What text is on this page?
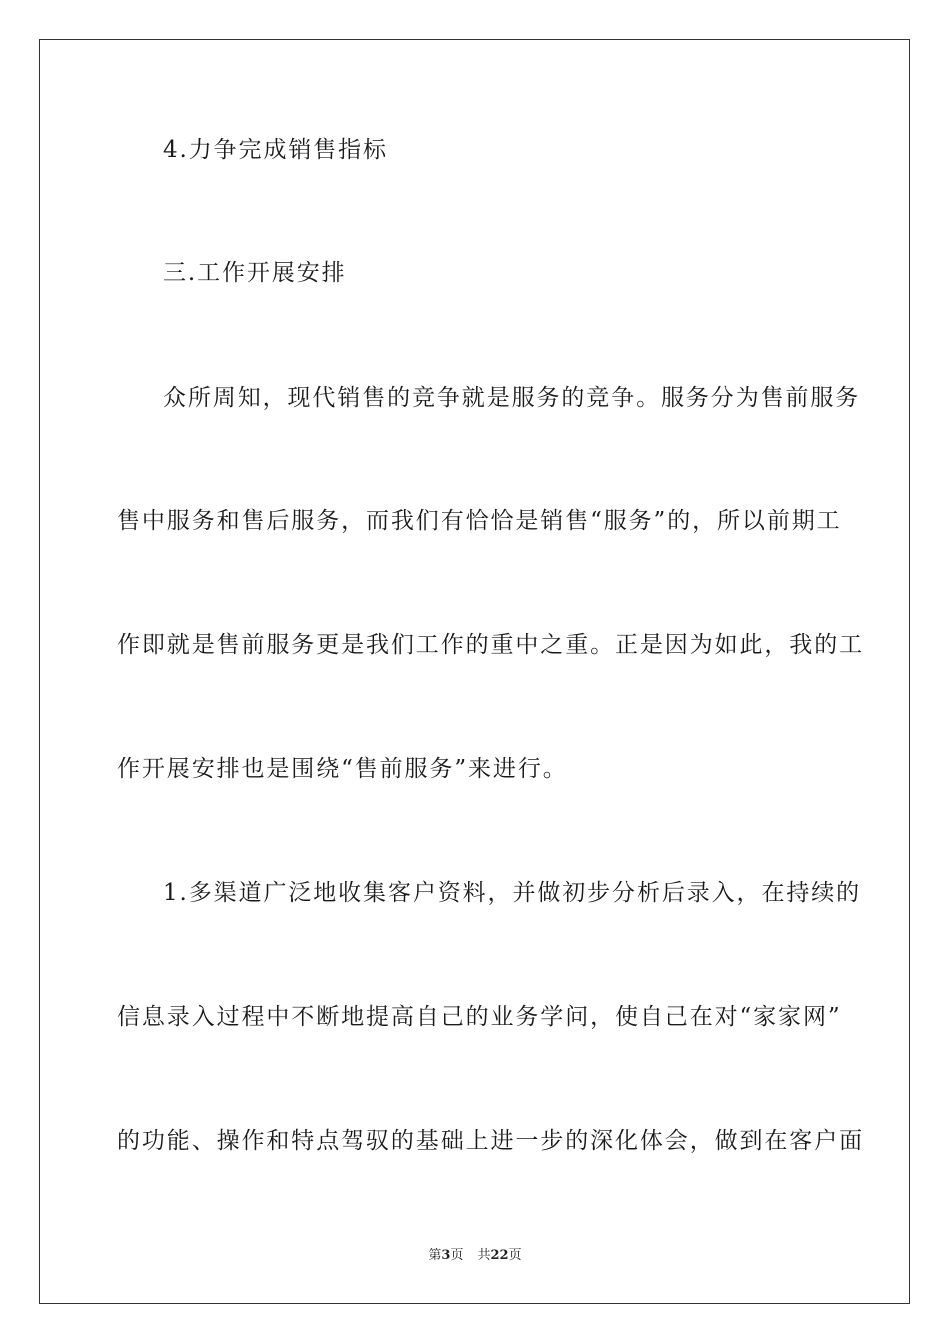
4.力争完成销售指标
三.工作开展安排
众所周知，现代销售的竞争就是服务的竞争。服务分为售前服务
售中服务和售后服务，而我们有恰恰是销售“服务”的，所以前期工
作即就是售前服务更是我们工作的重中之重。正是因为如此，我的工
作开展安排也是围绕“售前服务”来进行。
1.多渠道广泛地收集客户资料，并做初步分析后录入，在持续的
信息录入过程中不断地提高自己的业务学问，使自己在对“家家网”
的功能、操作和特点驾驭的基础上进一步的深化体会，做到在客户面
第3页 共22页
